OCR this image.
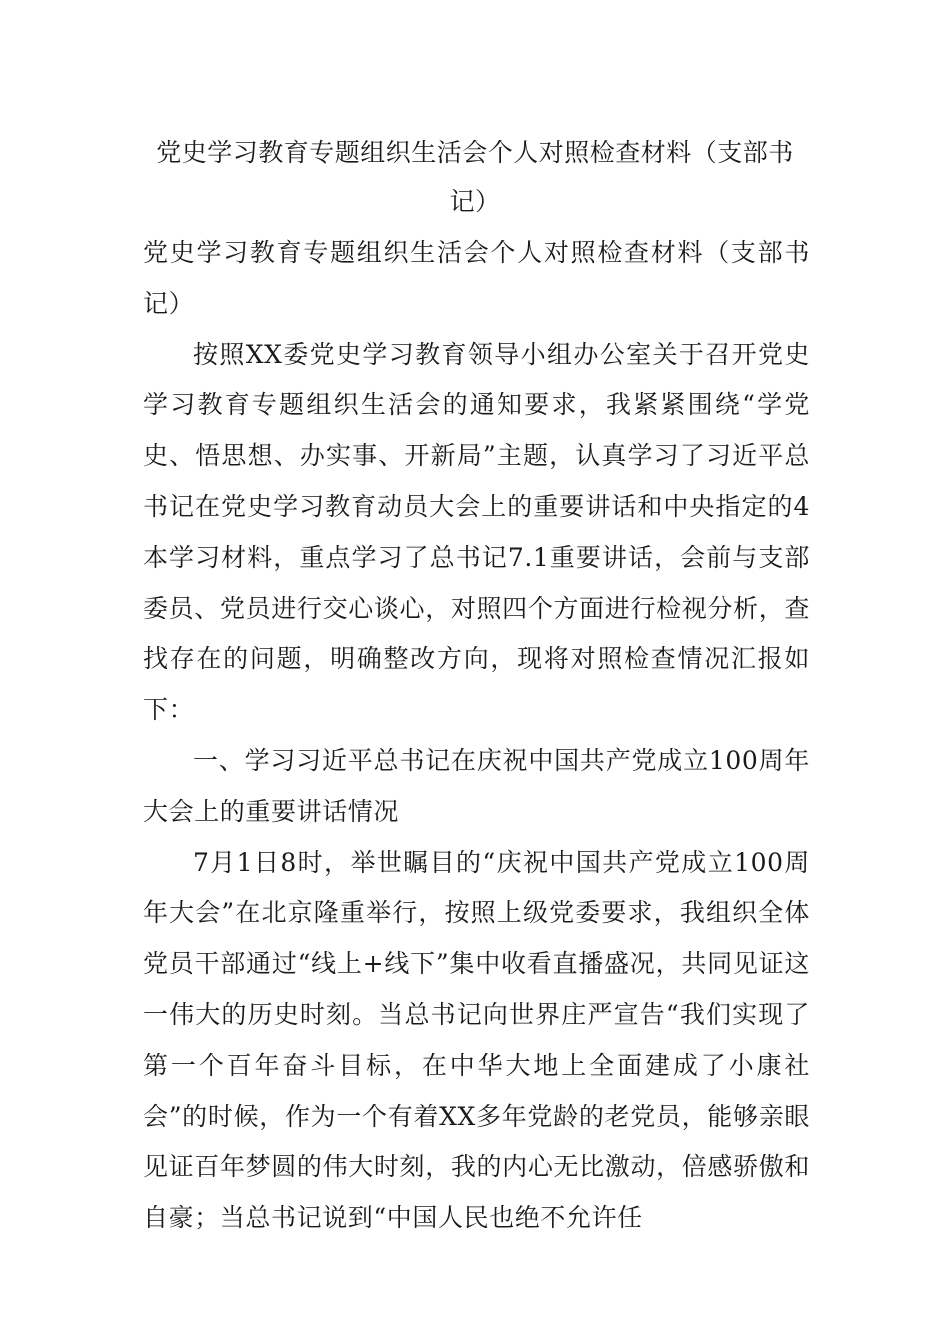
党史学习教育专题组织生活会个人对照检查材料（支部书记）

党史学习教育专题组织生活会个人对照检查材料（支部书记）

按照XX委党史学习教育领导小组办公室关于召开党史学习教育专题组织生活会的通知要求，我紧紧围绕“学党史、悟思想、办实事、开新局”主题，认真学习了习近平总书记在党史学习教育动员大会上的重要讲话和中央指定的4本学习材料，重点学习了总书记7.1重要讲话，会前与支部委员、党员进行交心谈心，对照四个方面进行检视分析，查找存在的问题，明确整改方向，现将对照检查情况汇报如下：

一、学习习近平总书记在庆祝中国共产党成立100周年大会上的重要讲话情况

7月1日8时，举世瞩目的“庆祝中国共产党成立100周年大会”在北京隆重举行，按照上级党委要求，我组织全体党员干部通过“线上+线下”集中收看直播盛况，共同见证这一伟大的历史时刻。当总书记向世界庄严宣告“我们实现了第一个百年奋斗目标，在中华大地上全面建成了小康社会”的时候，作为一个有着XX多年党龄的老党员，能够亲眼见证百年梦圆的伟大时刻，我的内心无比激动，倍感骄傲和自豪；当总书记说到“中国人民也绝不允许任
